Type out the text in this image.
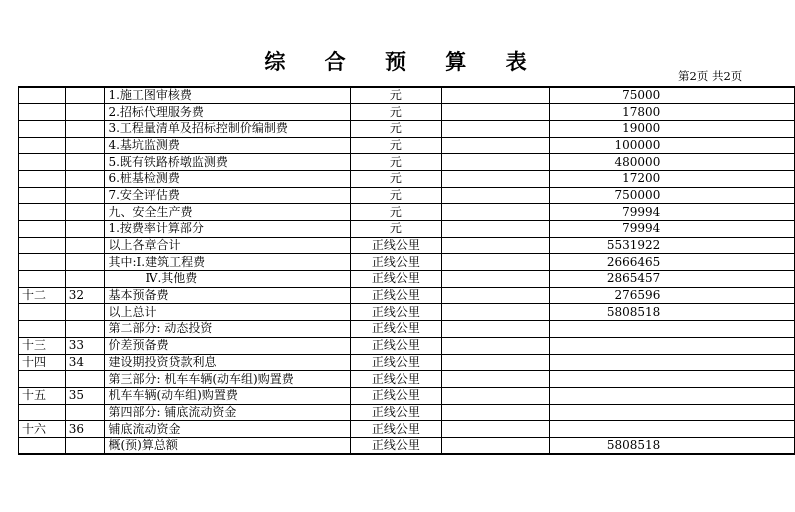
综 合 预 算 表
第2页 共2页
		1.施工图审核费	元		75000	
		2.招标代理服务费	元		17800	
		3.工程量清单及招标控制价编制费	元		19000	
		4.基坑监测费	元		100000	
		5.既有铁路桥墩监测费	元		480000	
		6.桩基检测费	元		17200	
		7.安全评估费	元		750000	
		九、安全生产费	元		79994	
		1.按费率计算部分	元		79994	
		以上各章合计	正线公里		5531922	
		其中:Ⅰ.建筑工程费	正线公里		2666465	
		Ⅳ.其他费	正线公里		2865457	
十二	32	基本预备费	正线公里		276596	
		以上总计	正线公里		5808518	
		第二部分: 动态投资	正线公里			
十三	33	价差预备费	正线公里			
十四	34	建设期投资贷款利息	正线公里			
		第三部分: 机车车辆(动车组)购置费	正线公里			
十五	35	机车车辆(动车组)购置费	正线公里			
		第四部分: 铺底流动资金	正线公里			
十六	36	铺底流动资金	正线公里			
		概(预)算总额	正线公里		5808518	
